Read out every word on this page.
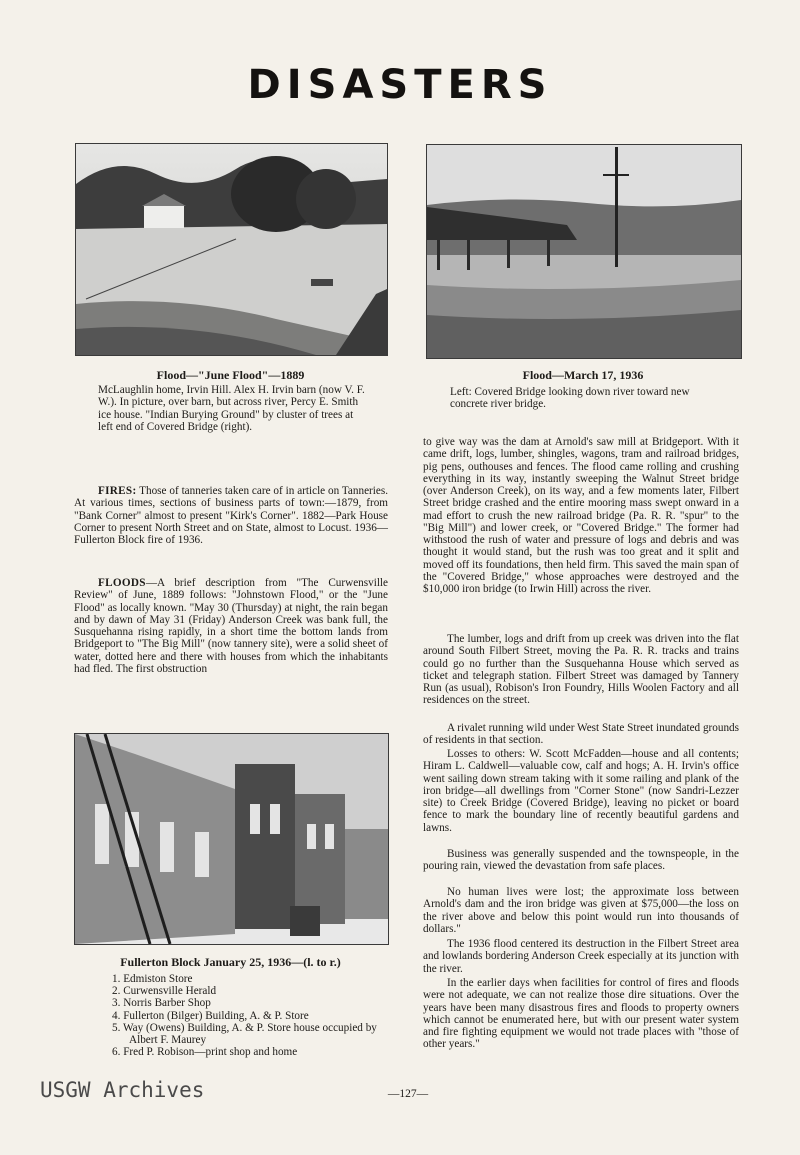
DISASTERS
Flood—"June Flood"—1889
McLaughlin home, Irvin Hill. Alex H. Irvin barn (now V. F. W.). In picture, over barn, but across river, Percy E. Smith ice house. "Indian Burying Ground" by cluster of trees at left end of Covered Bridge (right).
Flood—March 17, 1936
Left: Covered Bridge looking down river toward new concrete river bridge.

FIRES: Those of tanneries taken care of in article on Tanneries. At various times, sections of business parts of town:—1879, from "Bank Corner" almost to present "Kirk's Corner". 1882—Park House Corner to present North Street and on State, almost to Locust. 1936—Fullerton Block fire of 1936.

FLOODS—A brief description from "The Curwensville Review" of June, 1889 follows: "Johnstown Flood," or the "June Flood" as locally known. "May 30 (Thursday) at night, the rain began and by dawn of May 31 (Friday) Anderson Creek was bank full, the Susquehanna rising rapidly, in a short time the bottom lands from Bridgeport to "The Big Mill" (now tannery site), were a solid sheet of water, dotted here and there with houses from which the inhabitants had fled. The first obstruction

Fullerton Block January 25, 1936—(l. to r.)
1. Edmiston Store
2. Curwensville Herald
3. Norris Barber Shop
4. Fullerton (Bilger) Building, A. & P. Store
5. Way (Owens) Building, A. & P. Store house occupied by Albert F. Maurey
6. Fred P. Robison—print shop and home

to give way was the dam at Arnold's saw mill at Bridgeport. With it came drift, logs, lumber, shingles, wagons, tram and railroad bridges, pig pens, outhouses and fences. The flood came rolling and crushing everything in its way, instantly sweeping the Walnut Street bridge (over Anderson Creek), on its way, and a few moments later, Filbert Street bridge crashed and the entire mooring mass swept onward in a mad effort to crush the new railroad bridge (Pa. R. R. "spur" to the "Big Mill") and lower creek, or "Covered Bridge." The former had withstood the rush of water and pressure of logs and debris and was thought it would stand, but the rush was too great and it split and moved off its foundations, then held firm. This saved the main span of the "Covered Bridge," whose approaches were destroyed and the $10,000 iron bridge (to Irwin Hill) across the river.

The lumber, logs and drift from up creek was driven into the flat around South Filbert Street, moving the Pa. R. R. tracks and trains could go no further than the Susquehanna House which served as ticket and telegraph station. Filbert Street was damaged by Tannery Run (as usual), Robison's Iron Foundry, Hills Woolen Factory and all residences on the street.

A rivalet running wild under West State Street inundated grounds of residents in that section.

Losses to others: W. Scott McFadden—house and all contents; Hiram L. Caldwell—valuable cow, calf and hogs; A. H. Irvin's office went sailing down stream taking with it some railing and plank of the iron bridge—all dwellings from "Corner Stone" (now Sandri-Lezzer site) to Creek Bridge (Covered Bridge), leaving no picket or board fence to mark the boundary line of recently beautiful gardens and lawns.

Business was generally suspended and the townspeople, in the pouring rain, viewed the devastation from safe places.

No human lives were lost; the approximate loss between Arnold's dam and the iron bridge was given at $75,000—the loss on the river above and below this point would run into thousands of dollars."

The 1936 flood centered its destruction in the Filbert Street area and lowlands bordering Anderson Creek especially at its junction with the river.

In the earlier days when facilities for control of fires and floods were not adequate, we can not realize those dire situations. Over the years have been many disastrous fires and floods to property owners which cannot be enumerated here, but with our present water system and fire fighting equipment we would not trade places with "those of other years."

USGW Archives	—127—
